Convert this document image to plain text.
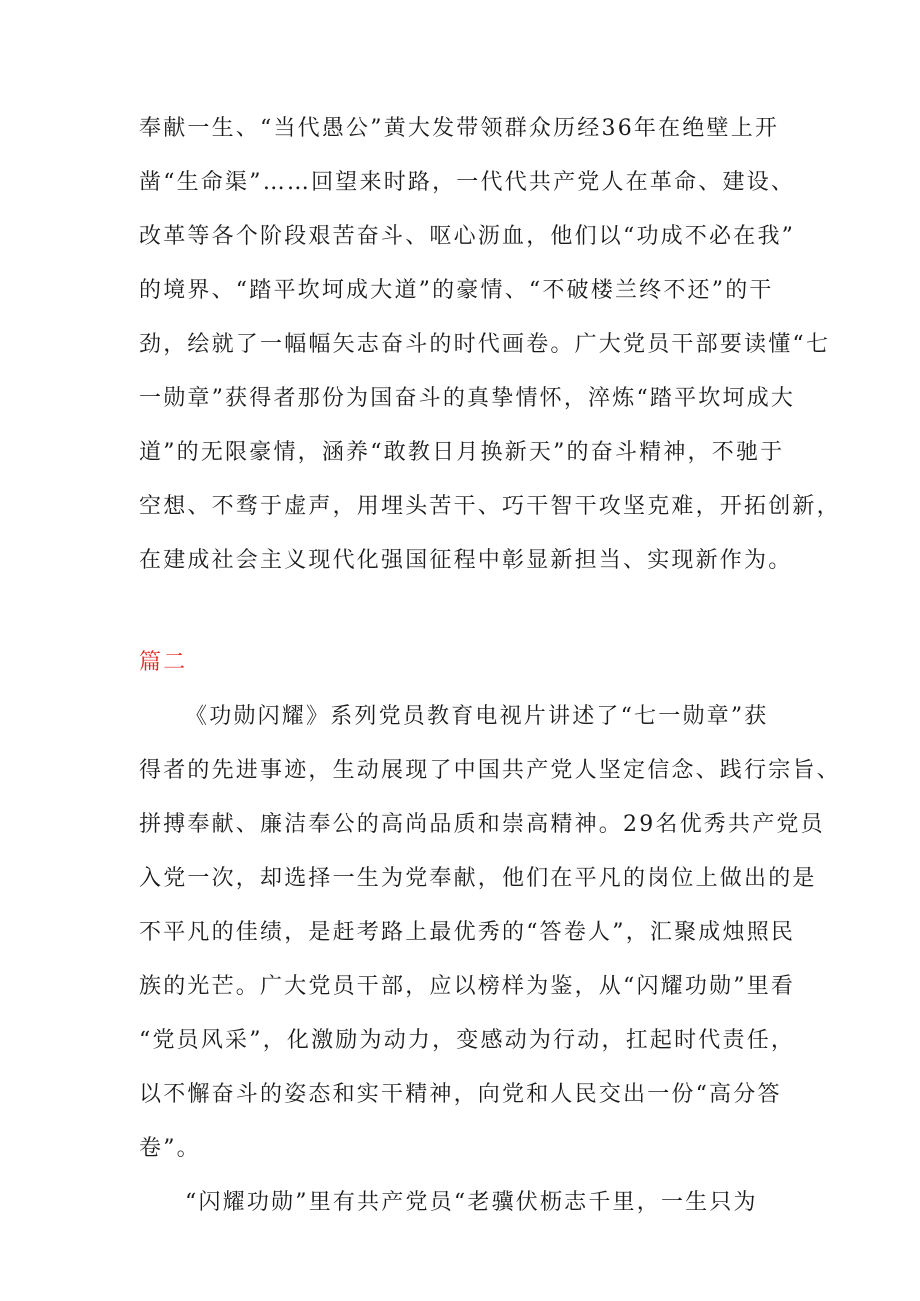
奉献一生、“当代愚公”黄大发带领群众历经36年在绝壁上开
凿“生命渠”……回望来时路，一代代共产党人在革命、建设、
改革等各个阶段艰苦奋斗、呕心沥血，他们以“功成不必在我”
的境界、“踏平坎坷成大道”的豪情、“不破楼兰终不还”的干
劲，绘就了一幅幅矢志奋斗的时代画卷。广大党员干部要读懂“七
一勋章”获得者那份为国奋斗的真挚情怀，淬炼“踏平坎坷成大
道”的无限豪情，涵养“敢教日月换新天”的奋斗精神，不驰于
空想、不骛于虚声，用埋头苦干、巧干智干攻坚克难，开拓创新，
在建成社会主义现代化强国征程中彰显新担当、实现新作为。
篇二
《功勋闪耀》系列党员教育电视片讲述了“七一勋章”获
得者的先进事迹，生动展现了中国共产党人坚定信念、践行宗旨、
拼搏奉献、廉洁奉公的高尚品质和崇高精神。29名优秀共产党员
入党一次，却选择一生为党奉献，他们在平凡的岗位上做出的是
不平凡的佳绩，是赶考路上最优秀的“答卷人”，汇聚成烛照民
族的光芒。广大党员干部，应以榜样为鉴，从“闪耀功勋”里看
“党员风采”，化激励为动力，变感动为行动，扛起时代责任，
以不懈奋斗的姿态和实干精神，向党和人民交出一份“高分答
卷”。
“闪耀功勋”里有共产党员“老骥伏枥志千里，一生只为
